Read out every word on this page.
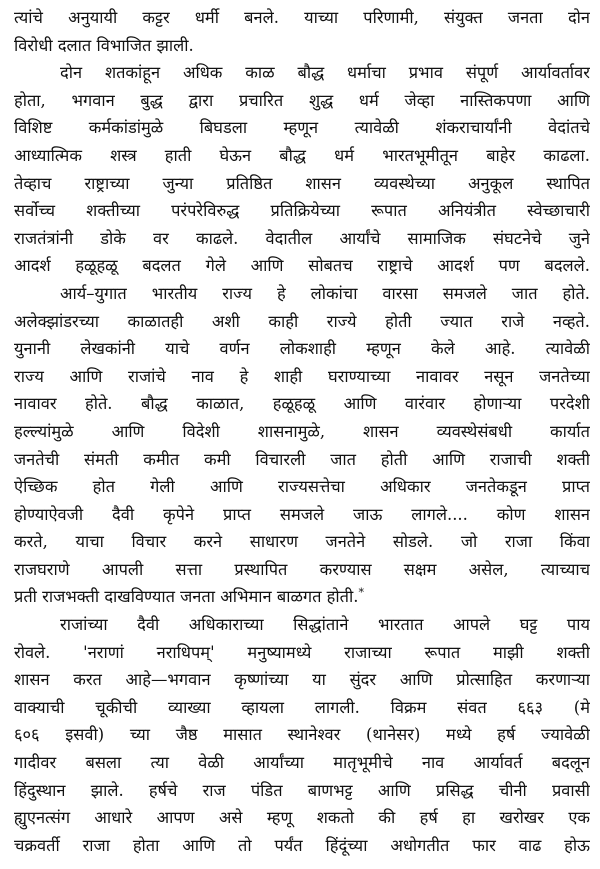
त्यांचे अनुयायी कट्टर धर्मी बनले. याच्या परिणामी, संयुक्त जनता दोन
विरोधी दलात विभाजित झाली.
दोन शतकांहून अधिक काळ बौद्ध धर्माचा प्रभाव संपूर्ण आर्यावर्तावर
होता, भगवान बुद्ध द्वारा प्रचारित शुद्ध धर्म जेव्हा नास्तिकपणा आणि
विशिष्ट कर्मकांडांमुळे बिघडला म्हणून त्यावेळी शंकराचार्यांनी वेदांतचे
आध्यात्मिक शस्त्र हाती घेऊन बौद्ध धर्म भारतभूमीतून बाहेर काढला.
तेव्हाच राष्ट्राच्या जुन्या प्रतिष्ठित शासन व्यवस्थेच्या अनुकूल स्थापित
सर्वोच्च शक्तीच्या परंपरेविरुद्ध प्रतिक्रियेच्या रूपात अनियंत्रीत स्वेच्छाचारी
राजतंत्रांनी डोके वर काढले. वेदातील आर्यांचे सामाजिक संघटनेचे जुने
आदर्श हळूहळू बदलत गेले आणि सोबतच राष्ट्राचे आदर्श पण बदलले.
आर्य–युगात भारतीय राज्य हे लोकांचा वारसा समजले जात होते.
अलेक्झांडरच्या काळातही अशी काही राज्ये होती ज्यात राजे नव्हते.
युनानी लेखकांनी याचे वर्णन लोकशाही म्हणून केले आहे. त्यावेळी
राज्य आणि राजांचे नाव हे शाही घराण्याच्या नावावर नसून जनतेच्या
नावावर होते. बौद्ध काळात, हळूहळू आणि वारंवार होणाऱ्या परदेशी
हल्ल्यांमुळे आणि विदेशी शासनामुळे, शासन व्यवस्थेसंबधी कार्यात
जनतेची संमती कमीत कमी विचारली जात होती आणि राजाची शक्ती
ऐच्छिक होत गेली आणि राज्यसत्तेचा अधिकार जनतेकडून प्राप्त
होण्याऐवजी दैवी कृपेने प्राप्त समजले जाऊ लागले.... कोण शासन
करते, याचा विचार करने साधारण जनतेने सोडले. जो राजा किंवा
राजघराणे आपली सत्ता प्रस्थापित करण्यास सक्षम असेल, त्याच्याच
प्रती राजभक्ती दाखविण्यात जनता अभिमान बाळगत होती.*
राजांच्या दैवी अधिकाराच्या सिद्धांताने भारतात आपले घट्ट पाय
रोवले. 'नराणां नराधिपम्' मनुष्यामध्ये राजाच्या रूपात माझी शक्ती
शासन करत आहे—भगवान कृष्णांच्या या सुंदर आणि प्रोत्साहित करणाऱ्या
वाक्याची चूकीची व्याख्या व्हायला लागली. विक्रम संवत ६६३ (मे
६०६ इसवी) च्या जैष्ठ मासात स्थानेश्वर (थानेसर) मध्ये हर्ष ज्यावेळी
गादीवर बसला त्या वेळी आर्यांच्या मातृभूमीचे नाव आर्यावर्त बदलून
हिंदुस्थान झाले. हर्षचे राज पंडित बाणभट्ट आणि प्रसिद्ध चीनी प्रवासी
ह्युएनत्संग आधारे आपण असे म्हणू शकतो की हर्ष हा खरोखर एक
चक्रवर्ती राजा होता आणि तो पर्यंत हिंदूंच्या अधोगतीत फार वाढ होऊ
